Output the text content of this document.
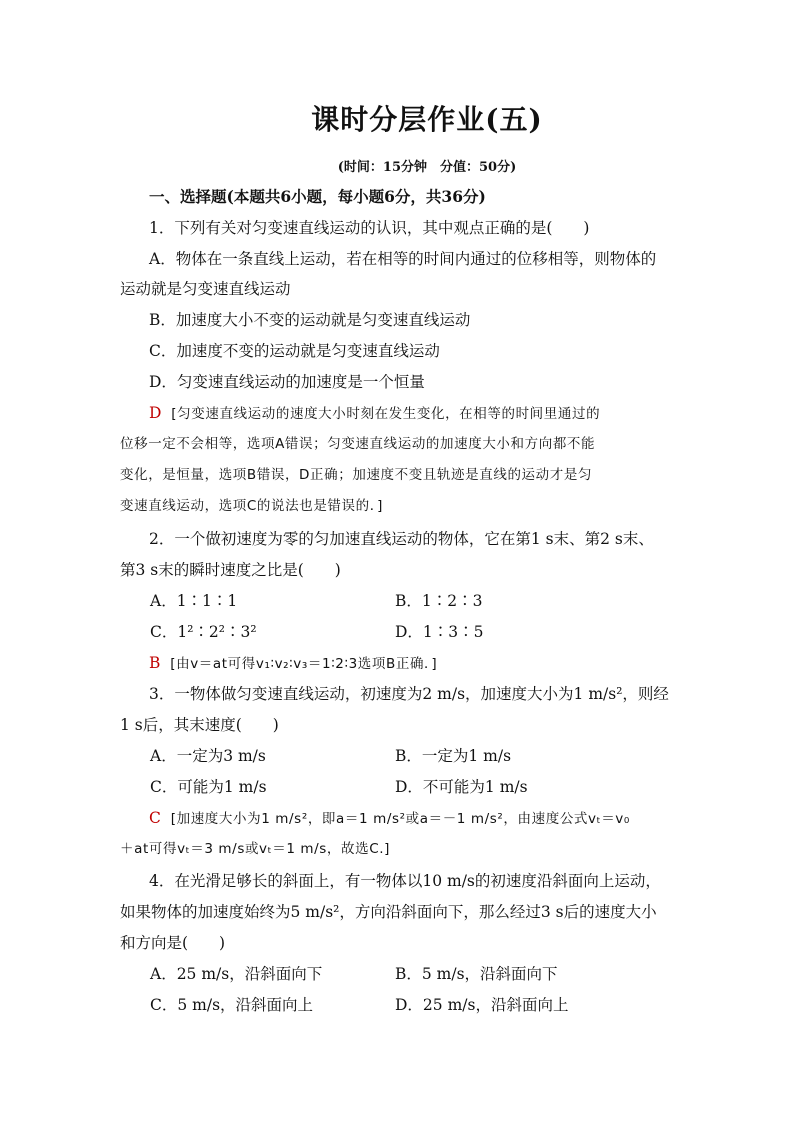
课时分层作业(五)
(时间：15分钟　分值：50分)
一、选择题(本题共6小题，每小题6分，共36分)
1．下列有关对匀变速直线运动的认识，其中观点正确的是(　　)
A．物体在一条直线上运动，若在相等的时间内通过的位移相等，则物体的
运动就是匀变速直线运动
B．加速度大小不变的运动就是匀变速直线运动
C．加速度不变的运动就是匀变速直线运动
D．匀变速直线运动的加速度是一个恒量
D [匀变速直线运动的速度大小时刻在发生变化，在相等的时间里通过的
位移一定不会相等，选项A错误；匀变速直线运动的加速度大小和方向都不能
变化，是恒量，选项B错误，D正确；加速度不变且轨迹是直线的运动才是匀
变速直线运动，选项C的说法也是错误的．]
2．一个做初速度为零的匀加速直线运动的物体，它在第1 s末、第2 s末、
第3 s末的瞬时速度之比是(　　)
A．1∶1∶1	B．1∶2∶3
C．1²∶2²∶3²	D．1∶3∶5
B [由v＝at可得v₁∶v₂∶v₃＝1∶2∶3选项B正确．]
3．一物体做匀变速直线运动，初速度为2 m/s，加速度大小为1 m/s²，则经
1 s后，其末速度(　　)
A．一定为3 m/s	B．一定为1 m/s
C．可能为1 m/s	D．不可能为1 m/s
C [加速度大小为1 m/s²，即a＝1 m/s²或a＝－1 m/s²，由速度公式vₜ＝v₀
＋at可得vₜ＝3 m/s或vₜ＝1 m/s，故选C.]
4．在光滑足够长的斜面上，有一物体以10 m/s的初速度沿斜面向上运动，
如果物体的加速度始终为5 m/s²，方向沿斜面向下，那么经过3 s后的速度大小
和方向是(　　)
A．25 m/s，沿斜面向下	B．5 m/s，沿斜面向下
C．5 m/s，沿斜面向上	D．25 m/s，沿斜面向上
